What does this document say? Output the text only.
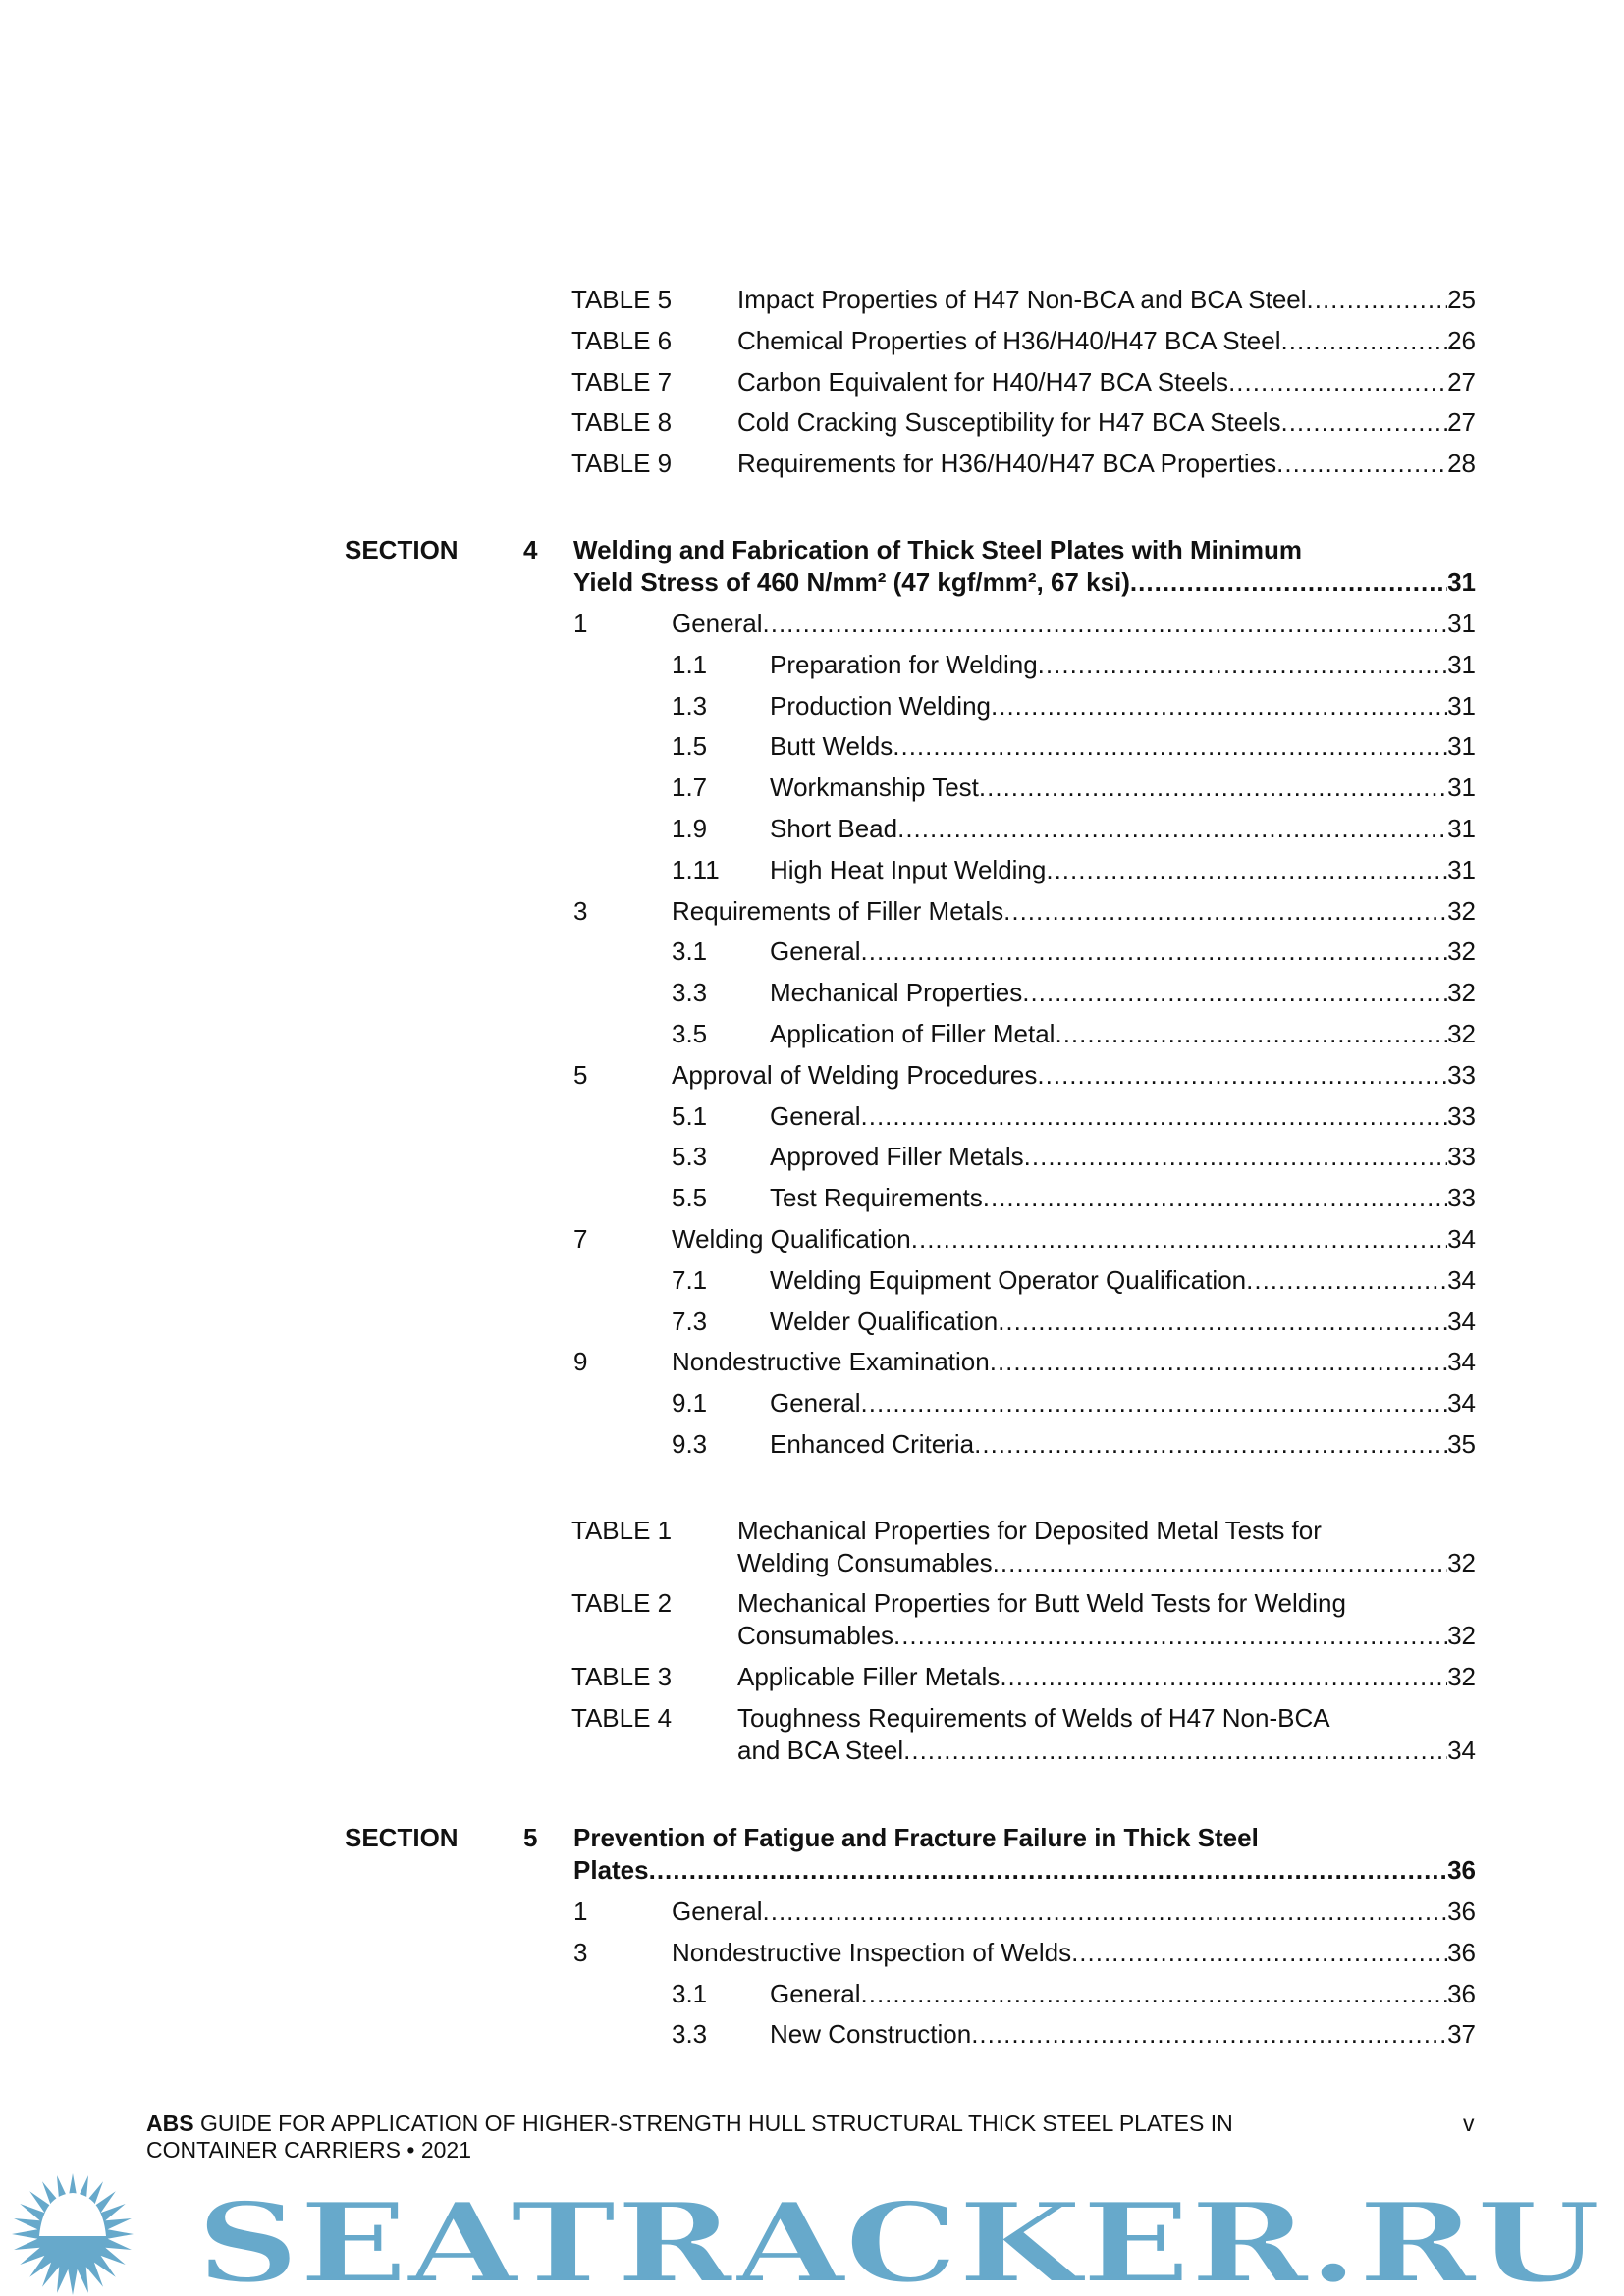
TABLE 5	Impact Properties of H47 Non-BCA and BCA Steel .....	25
TABLE 6	Chemical Properties of H36/H40/H47 BCA Steel .....	26
TABLE 7	Carbon Equivalent for H40/H47 BCA Steels .....	27
TABLE 8	Cold Cracking Susceptibility for H47 BCA Steels .....	27
TABLE 9	Requirements for H36/H40/H47 BCA Properties .....	28
SECTION	4 Welding and Fabrication of Thick Steel Plates with Minimum
Yield Stress of 460 N/mm² (47 kgf/mm², 67 ksi) .....	31
1	General .....	31
1.1 Preparation for Welding .....	31
1.3 Production Welding .....	31
1.5 Butt Welds .....	31
1.7 Workmanship Test .....	31
1.9 Short Bead .....	31
1.11 High Heat Input Welding .....	31
3	Requirements of Filler Metals .....	32
3.1 General .....	32
3.3 Mechanical Properties .....	32
3.5 Application of Filler Metal .....	32
5	Approval of Welding Procedures .....	33
5.1 General .....	33
5.3 Approved Filler Metals .....	33
5.5 Test Requirements .....	33
7	Welding Qualification .....	34
7.1 Welding Equipment Operator Qualification .....	34
7.3 Welder Qualification .....	34
9	Nondestructive Examination .....	34
9.1 General .....	34
9.3 Enhanced Criteria .....	35
TABLE 1	Mechanical Properties for Deposited Metal Tests for
Welding Consumables .....	32
TABLE 2	Mechanical Properties for Butt Weld Tests for Welding
Consumables .....	32
TABLE 3	Applicable Filler Metals .....	32
TABLE 4	Toughness Requirements of Welds of H47 Non-BCA
and BCA Steel .....	34
SECTION	5 Prevention of Fatigue and Fracture Failure in Thick Steel
Plates .....	36
1	General .....	36
3	Nondestructive Inspection of Welds .....	36
3.1 General .....	36
3.3 New Construction .....	37
ABS GUIDE FOR APPLICATION OF HIGHER-STRENGTH HULL STRUCTURAL THICK STEEL PLATES IN
CONTAINER CARRIERS • 2021
v
SEATRACKER.RU
